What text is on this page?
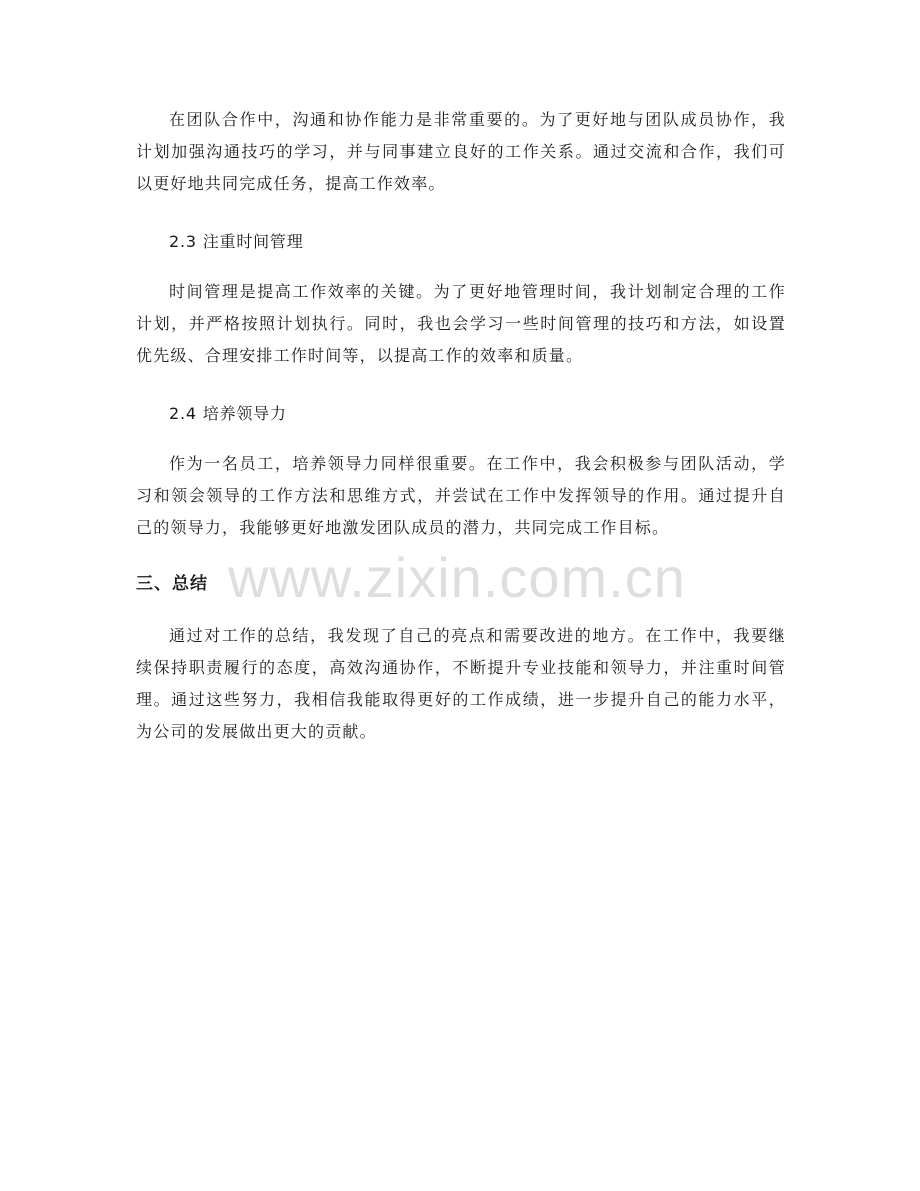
在团队合作中，沟通和协作能力是非常重要的。为了更好地与团队成员协作，我计划加强沟通技巧的学习，并与同事建立良好的工作关系。通过交流和合作，我们可以更好地共同完成任务，提高工作效率。

2.3 注重时间管理

时间管理是提高工作效率的关键。为了更好地管理时间，我计划制定合理的工作计划，并严格按照计划执行。同时，我也会学习一些时间管理的技巧和方法，如设置优先级、合理安排工作时间等，以提高工作的效率和质量。

2.4 培养领导力

作为一名员工，培养领导力同样很重要。在工作中，我会积极参与团队活动，学习和领会领导的工作方法和思维方式，并尝试在工作中发挥领导的作用。通过提升自己的领导力，我能够更好地激发团队成员的潜力，共同完成工作目标。

三、总结

通过对工作的总结，我发现了自己的亮点和需要改进的地方。在工作中，我要继续保持职责履行的态度，高效沟通协作，不断提升专业技能和领导力，并注重时间管理。通过这些努力，我相信我能取得更好的工作成绩，进一步提升自己的能力水平，为公司的发展做出更大的贡献。

www.zixin.com.cn
